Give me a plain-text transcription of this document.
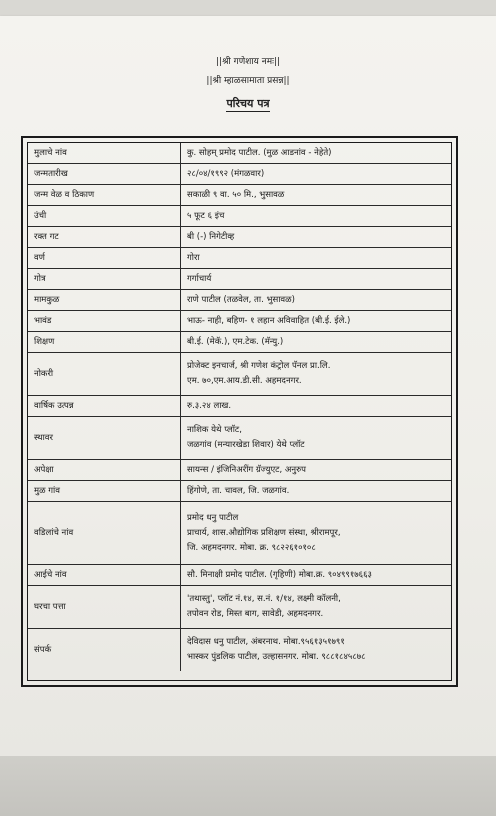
||श्री गणेशाय नमः||
||श्री म्हाळसामाता प्रसन्न||
परिचय पत्र
मुलाचे नांव	कु. सोहम् प्रमोद पाटील. (मुळ आडनांव - नेहेते)

जन्मतारीख	२८/०४/१९९२ (मंगळवार)

जन्म वेळ व ठिकाण	सकाळी ९ वा. ५० मि., भुसावळ

उंची	५ फूट ६ इंच

रक्त गट	बी (-) निगेटीव्ह

वर्ण	गोरा

गोत्र	गर्गाचार्य

मामकुळ	राणे पाटील (तळवेल, ता. भुसावळ)

भावंड	भाऊ- नाही, बहिण- १ लहान अविवाहित (बी.ई. ईले.)

शिक्षण	बी.ई. (मेकॅ.), एम.टेक. (मॅन्यु.)

नोकरी	प्रोजेक्ट इनचार्ज, श्री गणेश कंट्रोल पॅनल प्रा.लि.
एम. ७०,एम.आय.डी.सी. अहमदनगर.

वार्षिक उत्पन्न	रु.३.२४ लाख.

स्थावर	नाशिक येथे प्लॉट,
जळगांव (मन्यारखेडा शिवार) येथे प्लॉट

अपेक्षा	सायन्स / इंजिनिअरींग ग्रॅज्युएट, अनुरुप

मुळ गांव	हिंगोणे, ता. चावल, जि. जळगांव.

वडिलांचे नांव	प्रमोद धनु पाटील
प्राचार्य, शास.औद्योगिक प्रशिक्षण संस्था, श्रीरामपूर,
जि. अहमदनगर. मोबा. क्र. ९८२२६१०१०८

आईचे नांव	सौ. मिनाक्षी प्रमोद पाटील. (गृहिणी) मोबा.क्र. ९०४९९१७६६३

घरचा पत्ता	'तथास्तु', प्लॉट नं.१४, स.नं. १/१४, लक्ष्मी कॉलनी,
तपोवन रोड, मिस्त बाग, सावेडी, अहमदनगर.

संपर्क	देविदास धनु पाटील, अंबरनाथ. मोबा.९५६१३५१७९१
भास्कर पुंडलिक पाटील, उल्हासनगर. मोबा. ९८८१८४५८७८
